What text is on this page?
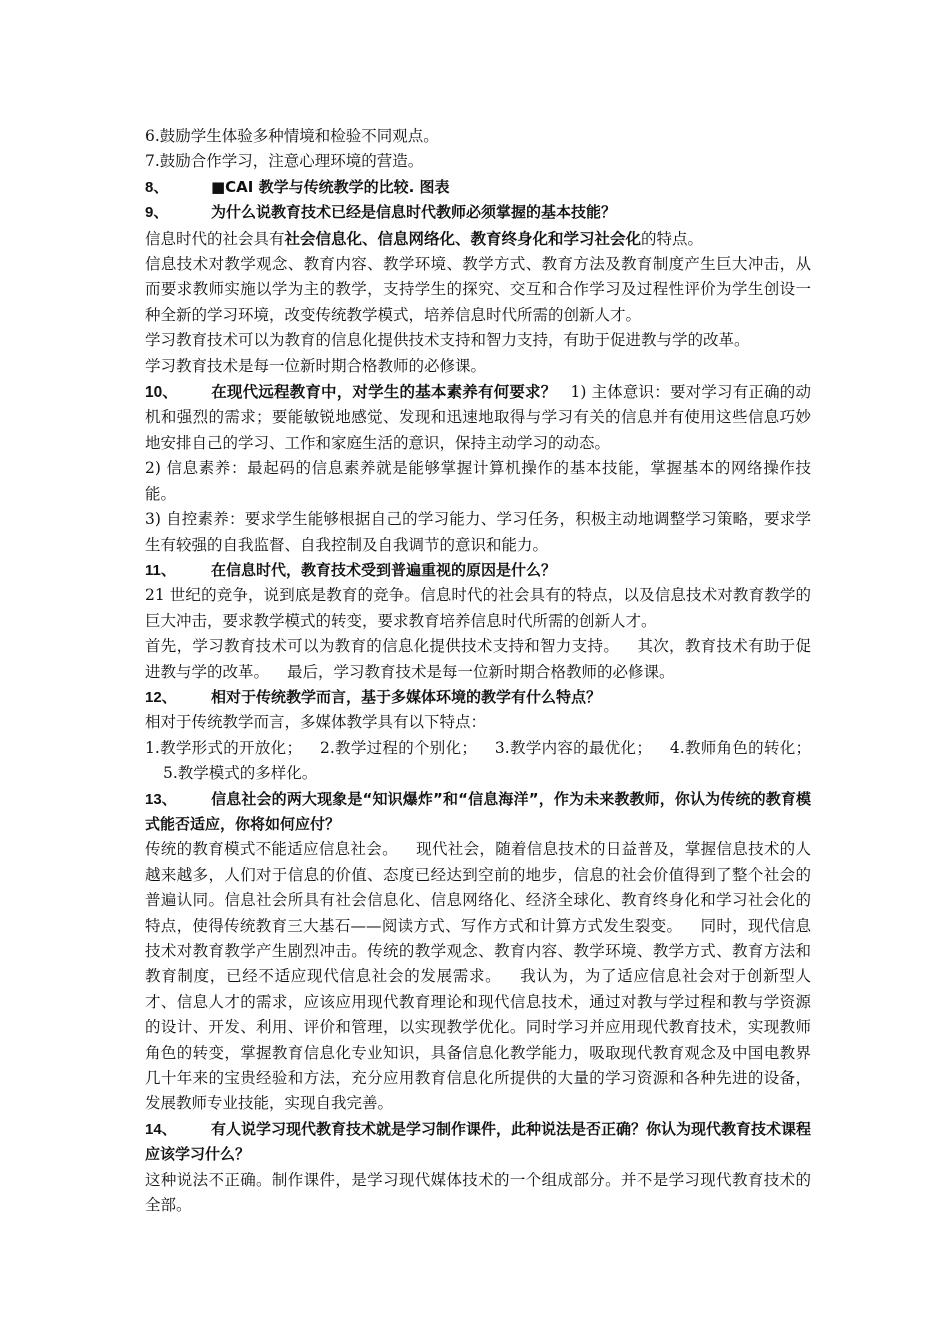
6.鼓励学生体验多种情境和检验不同观点。

7.鼓励合作学习，注意心理环境的营造。

8、	■CAI 教学与传统教学的比较. 图表

9、	为什么说教育技术已经是信息时代教师必须掌握的基本技能？

信息时代的社会具有社会信息化、信息网络化、教育终身化和学习社会化的特点。

信息技术对教学观念、教育内容、教学环境、教学方式、教育方法及教育制度产生巨大冲击，从而要求教师实施以学为主的教学，支持学生的探究、交互和合作学习及过程性评价为学生创设一种全新的学习环境，改变传统教学模式，培养信息时代所需的创新人才。

学习教育技术可以为教育的信息化提供技术支持和智力支持，有助于促进教与学的改革。

学习教育技术是每一位新时期合格教师的必修课。

10、 在现代远程教育中，对学生的基本素养有何要求？ 1) 主体意识：要对学习有正确的动机和强烈的需求；要能敏锐地感觉、发现和迅速地取得与学习有关的信息并有使用这些信息巧妙地安排自己的学习、工作和家庭生活的意识，保持主动学习的动态。

2) 信息素养：最起码的信息素养就是能够掌握计算机操作的基本技能，掌握基本的网络操作技能。

3) 自控素养：要求学生能够根据自己的学习能力、学习任务，积极主动地调整学习策略，要求学生有较强的自我监督、自我控制及自我调节的意识和能力。

11、 在信息时代，教育技术受到普遍重视的原因是什么？

21 世纪的竞争，说到底是教育的竞争。信息时代的社会具有的特点，以及信息技术对教育教学的巨大冲击，要求教学模式的转变，要求教育培养信息时代所需的创新人才。

首先，学习教育技术可以为教育的信息化提供技术支持和智力支持。 其次，教育技术有助于促进教与学的改革。 最后，学习教育技术是每一位新时期合格教师的必修课。

12、 相对于传统教学而言，基于多媒体环境的教学有什么特点？

相对于传统教学而言，多媒体教学具有以下特点：

1.教学形式的开放化； 2.教学过程的个别化； 3.教学内容的最优化； 4.教师角色的转化；5.教学模式的多样化。

13、 信息社会的两大现象是“知识爆炸”和“信息海洋”，作为未来教教师，你认为传统的教育模式能否适应，你将如何应付？

传统的教育模式不能适应信息社会。 现代社会，随着信息技术的日益普及，掌握信息技术的人越来越多，人们对于信息的价值、态度已经达到空前的地步，信息的社会价值得到了整个社会的普遍认同。信息社会所具有社会信息化、信息网络化、经济全球化、教育终身化和学习社会化的特点，使得传统教育三大基石——阅读方式、写作方式和计算方式发生裂变。 同时，现代信息技术对教育教学产生剧烈冲击。传统的教学观念、教育内容、教学环境、教学方式、教育方法和教育制度，已经不适应现代信息社会的发展需求。 我认为，为了适应信息社会对于创新型人才、信息人才的需求，应该应用现代教育理论和现代信息技术，通过对教与学过程和教与学资源的设计、开发、利用、评价和管理，以实现教学优化。同时学习并应用现代教育技术，实现教师角色的转变，掌握教育信息化专业知识，具备信息化教学能力，吸取现代教育观念及中国电教界几十年来的宝贵经验和方法，充分应用教育信息化所提供的大量的学习资源和各种先进的设备，发展教师专业技能，实现自我完善。

14、 有人说学习现代教育技术就是学习制作课件，此种说法是否正确？你认为现代教育技术课程应该学习什么？

这种说法不正确。制作课件，是学习现代媒体技术的一个组成部分。并不是学习现代教育技术的全部。
